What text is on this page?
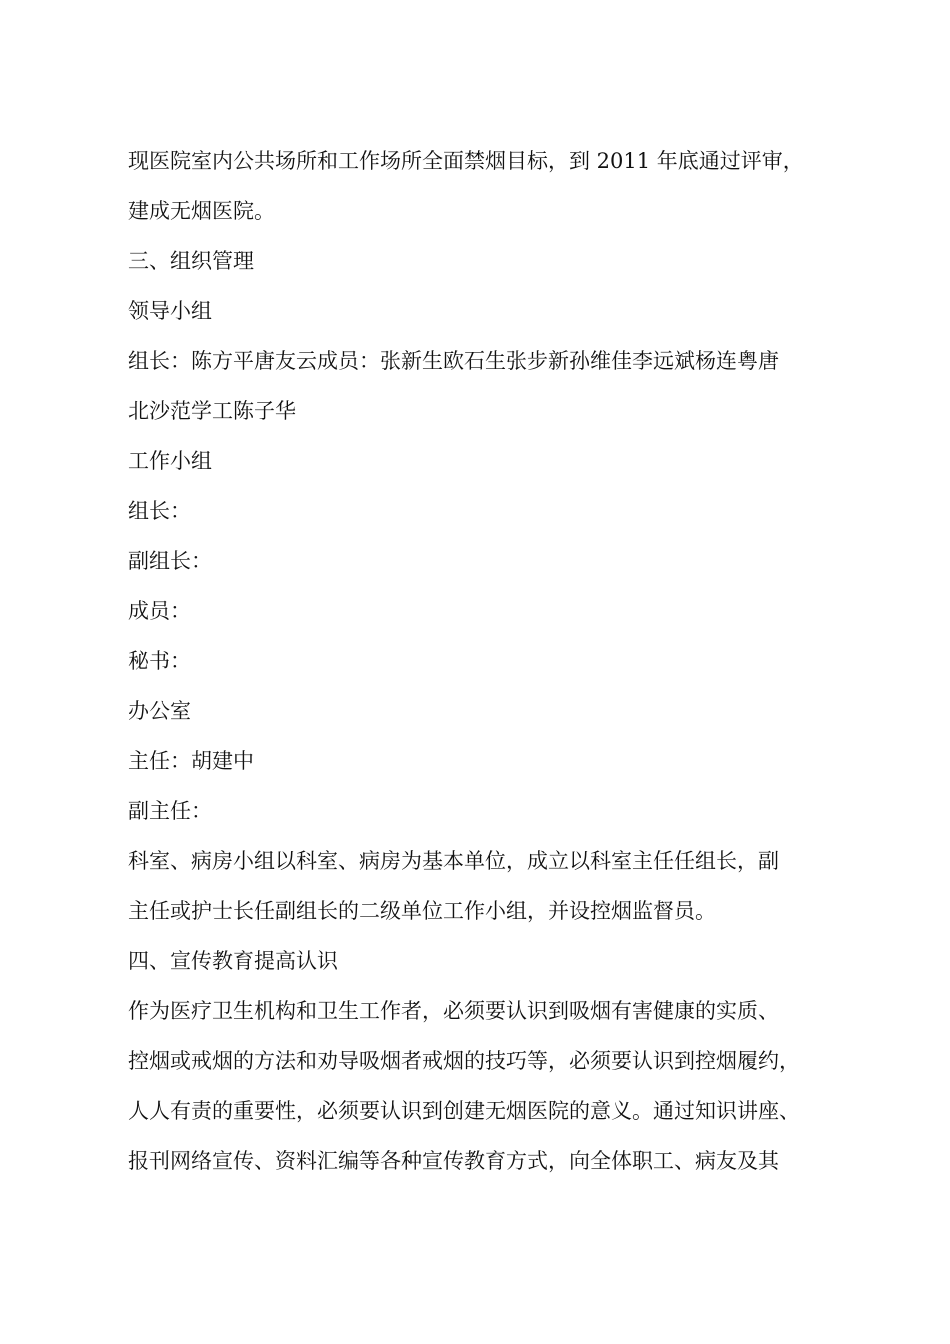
现医院室内公共场所和工作场所全面禁烟目标，到 2011 年底通过评审，

建成无烟医院。

三、组织管理

领导小组

组长：陈方平唐友云成员：张新生欧石生张步新孙维佳李远斌杨连粤唐

北沙范学工陈子华

工作小组

组长：

副组长：

成员：

秘书：

办公室

主任：胡建中

副主任：

科室、病房小组以科室、病房为基本单位，成立以科室主任任组长，副

主任或护士长任副组长的二级单位工作小组，并设控烟监督员。

四、宣传教育提高认识

作为医疗卫生机构和卫生工作者，必须要认识到吸烟有害健康的实质、

控烟或戒烟的方法和劝导吸烟者戒烟的技巧等，必须要认识到控烟履约，

人人有责的重要性，必须要认识到创建无烟医院的意义。通过知识讲座、

报刊网络宣传、资料汇编等各种宣传教育方式，向全体职工、病友及其
